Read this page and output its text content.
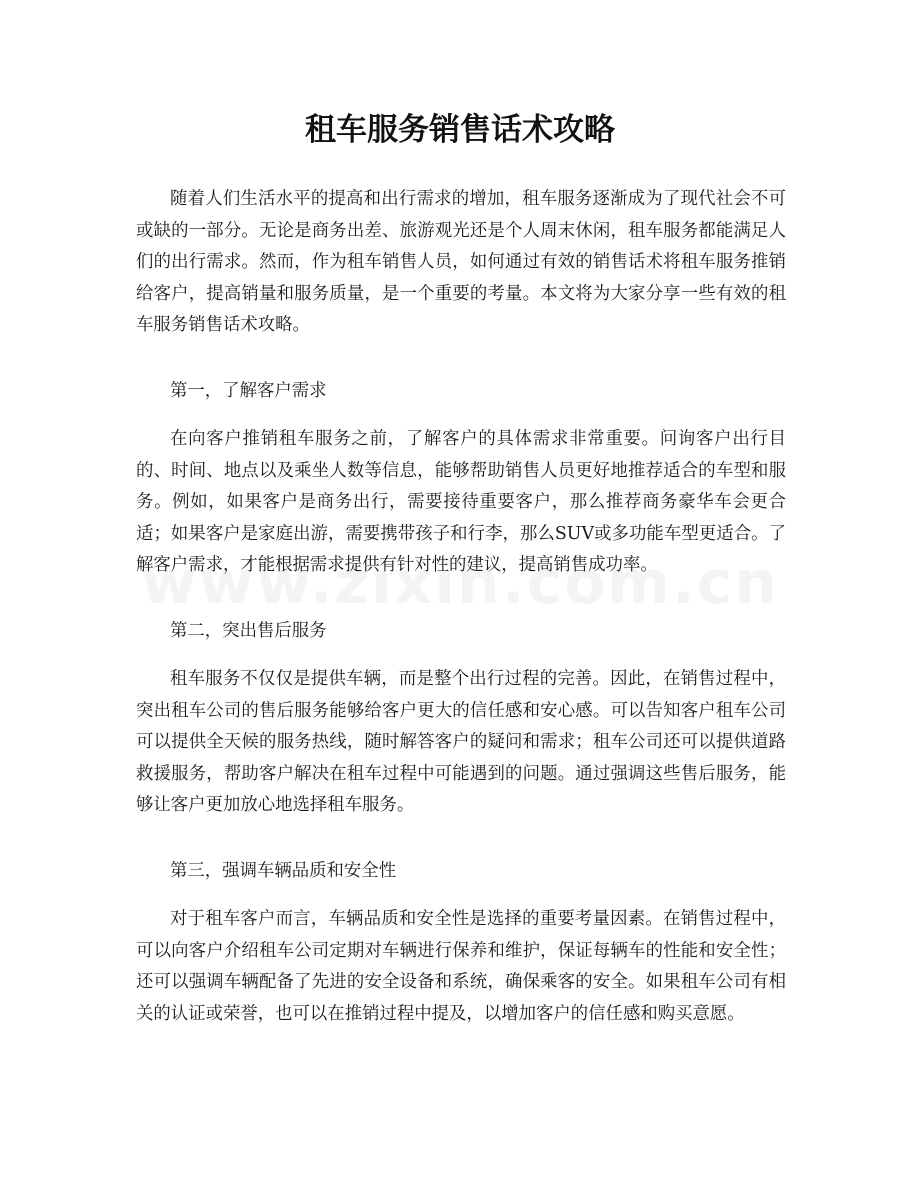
租车服务销售话术攻略

随着人们生活水平的提高和出行需求的增加，租车服务逐渐成为了现代社会不可或缺的一部分。无论是商务出差、旅游观光还是个人周末休闲，租车服务都能满足人们的出行需求。然而，作为租车销售人员，如何通过有效的销售话术将租车服务推销给客户，提高销量和服务质量，是一个重要的考量。本文将为大家分享一些有效的租车服务销售话术攻略。

第一，了解客户需求

在向客户推销租车服务之前，了解客户的具体需求非常重要。问询客户出行目的、时间、地点以及乘坐人数等信息，能够帮助销售人员更好地推荐适合的车型和服务。例如，如果客户是商务出行，需要接待重要客户，那么推荐商务豪华车会更合适；如果客户是家庭出游，需要携带孩子和行李，那么SUV或多功能车型更适合。了解客户需求，才能根据需求提供有针对性的建议，提高销售成功率。

第二，突出售后服务

租车服务不仅仅是提供车辆，而是整个出行过程的完善。因此，在销售过程中，突出租车公司的售后服务能够给客户更大的信任感和安心感。可以告知客户租车公司可以提供全天候的服务热线，随时解答客户的疑问和需求；租车公司还可以提供道路救援服务，帮助客户解决在租车过程中可能遇到的问题。通过强调这些售后服务，能够让客户更加放心地选择租车服务。

第三，强调车辆品质和安全性

对于租车客户而言，车辆品质和安全性是选择的重要考量因素。在销售过程中，可以向客户介绍租车公司定期对车辆进行保养和维护，保证每辆车的性能和安全性；还可以强调车辆配备了先进的安全设备和系统，确保乘客的安全。如果租车公司有相关的认证或荣誉，也可以在推销过程中提及，以增加客户的信任感和购买意愿。
